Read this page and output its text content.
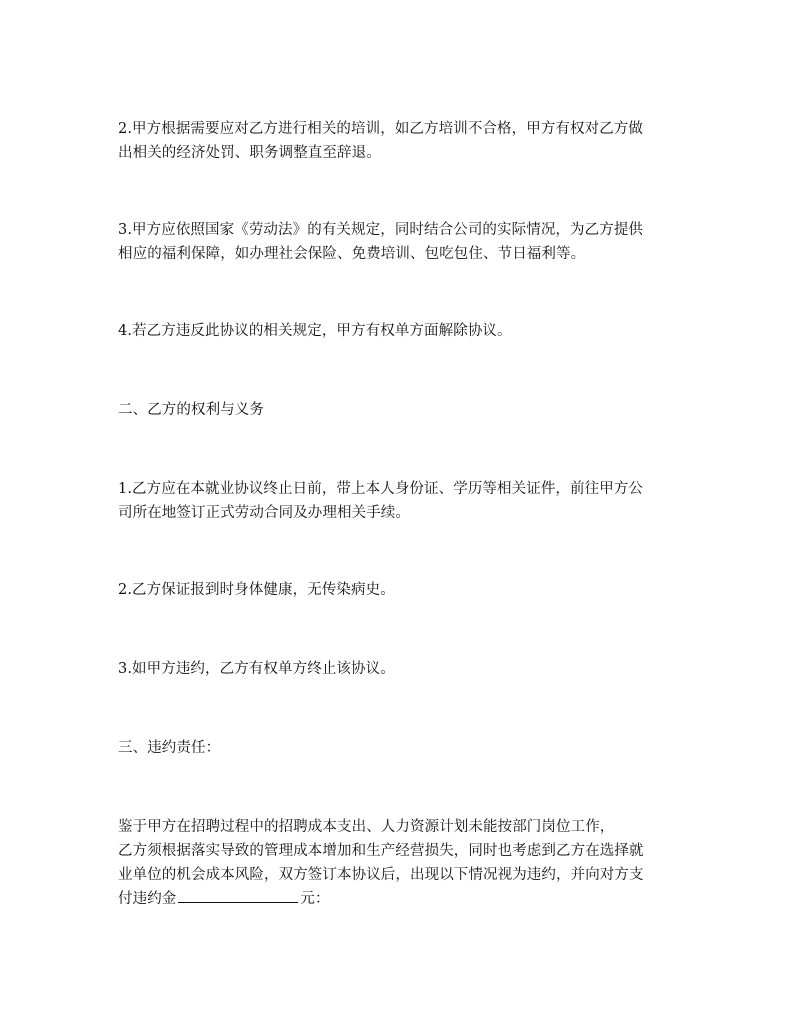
2.甲方根据需要应对乙方进行相关的培训，如乙方培训不合格，甲方有权对乙方做
出相关的经济处罚、职务调整直至辞退。

3.甲方应依照国家《劳动法》的有关规定，同时结合公司的实际情况，为乙方提供
相应的福利保障，如办理社会保险、免费培训、包吃包住、节日福利等。

4.若乙方违反此协议的相关规定，甲方有权单方面解除协议。

二、乙方的权利与义务

1.乙方应在本就业协议终止日前，带上本人身份证、学历等相关证件，前往甲方公
司所在地签订正式劳动合同及办理相关手续。

2.乙方保证报到时身体健康，无传染病史。

3.如甲方违约，乙方有权单方终止该协议。

三、违约责任：

鉴于甲方在招聘过程中的招聘成本支出、人力资源计划未能按部门岗位工作，
乙方须根据落实导致的管理成本增加和生产经营损失，同时也考虑到乙方在选择就
业单位的机会成本风险，双方签订本协议后，出现以下情况视为违约，并向对方支
付违约金	元：
